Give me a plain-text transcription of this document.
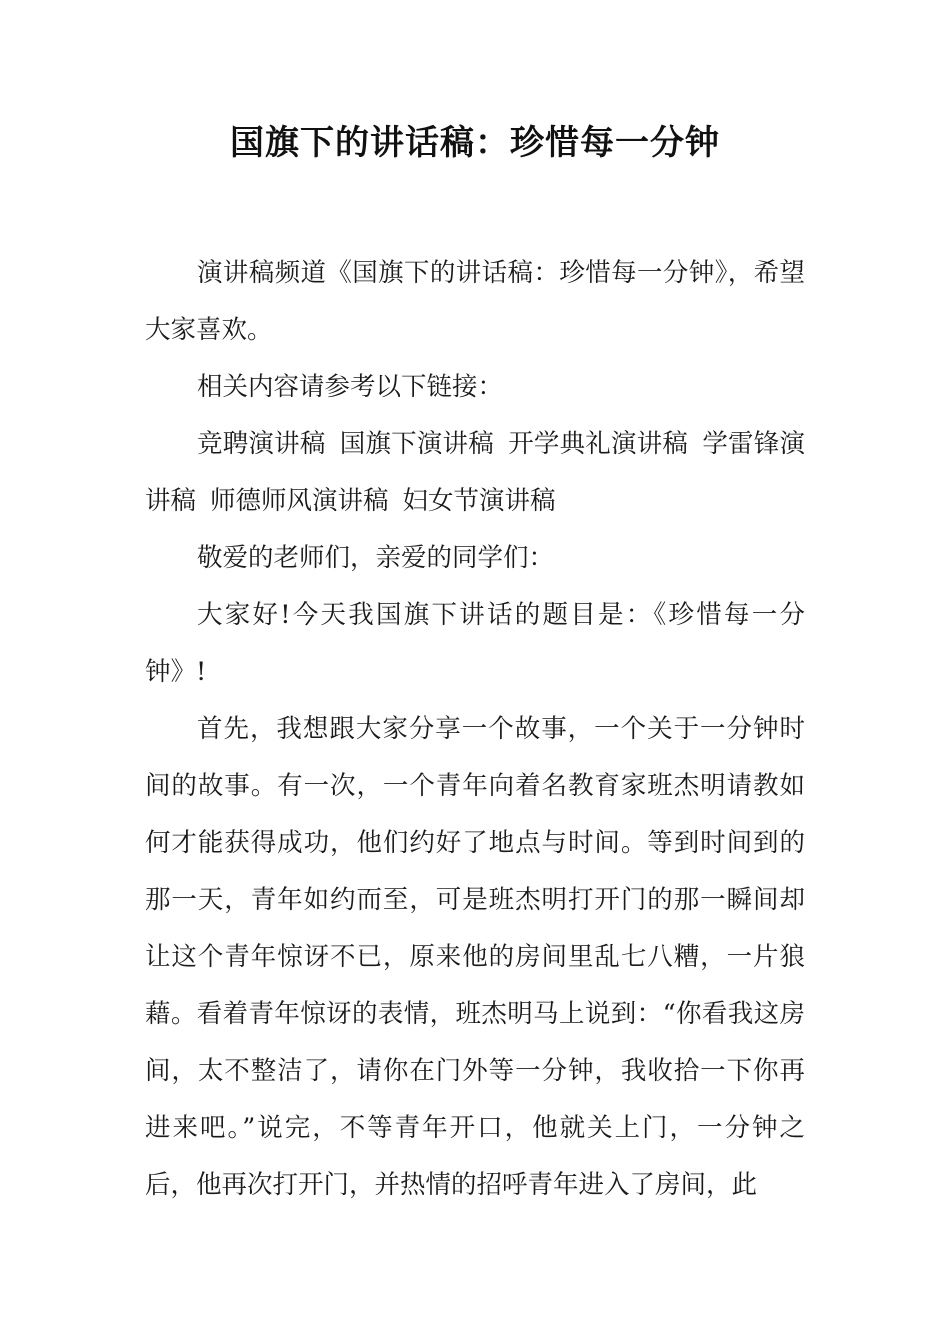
国旗下的讲话稿：珍惜每一分钟

演讲稿频道《国旗下的讲话稿：珍惜每一分钟》，希望大家喜欢。

相关内容请参考以下链接：

竞聘演讲稿 国旗下演讲稿 开学典礼演讲稿 学雷锋演讲稿 师德师风演讲稿 妇女节演讲稿

敬爱的老师们，亲爱的同学们：

大家好!今天我国旗下讲话的题目是：《珍惜每一分钟》!

首先，我想跟大家分享一个故事，一个关于一分钟时间的故事。有一次，一个青年向着名教育家班杰明请教如何才能获得成功，他们约好了地点与时间。等到时间到的那一天，青年如约而至，可是班杰明打开门的那一瞬间却让这个青年惊讶不已，原来他的房间里乱七八糟，一片狼藉。看着青年惊讶的表情，班杰明马上说到：“你看我这房间，太不整洁了，请你在门外等一分钟，我收拾一下你再进来吧。”说完，不等青年开口，他就关上门，一分钟之后，他再次打开门，并热情的招呼青年进入了房间，此
